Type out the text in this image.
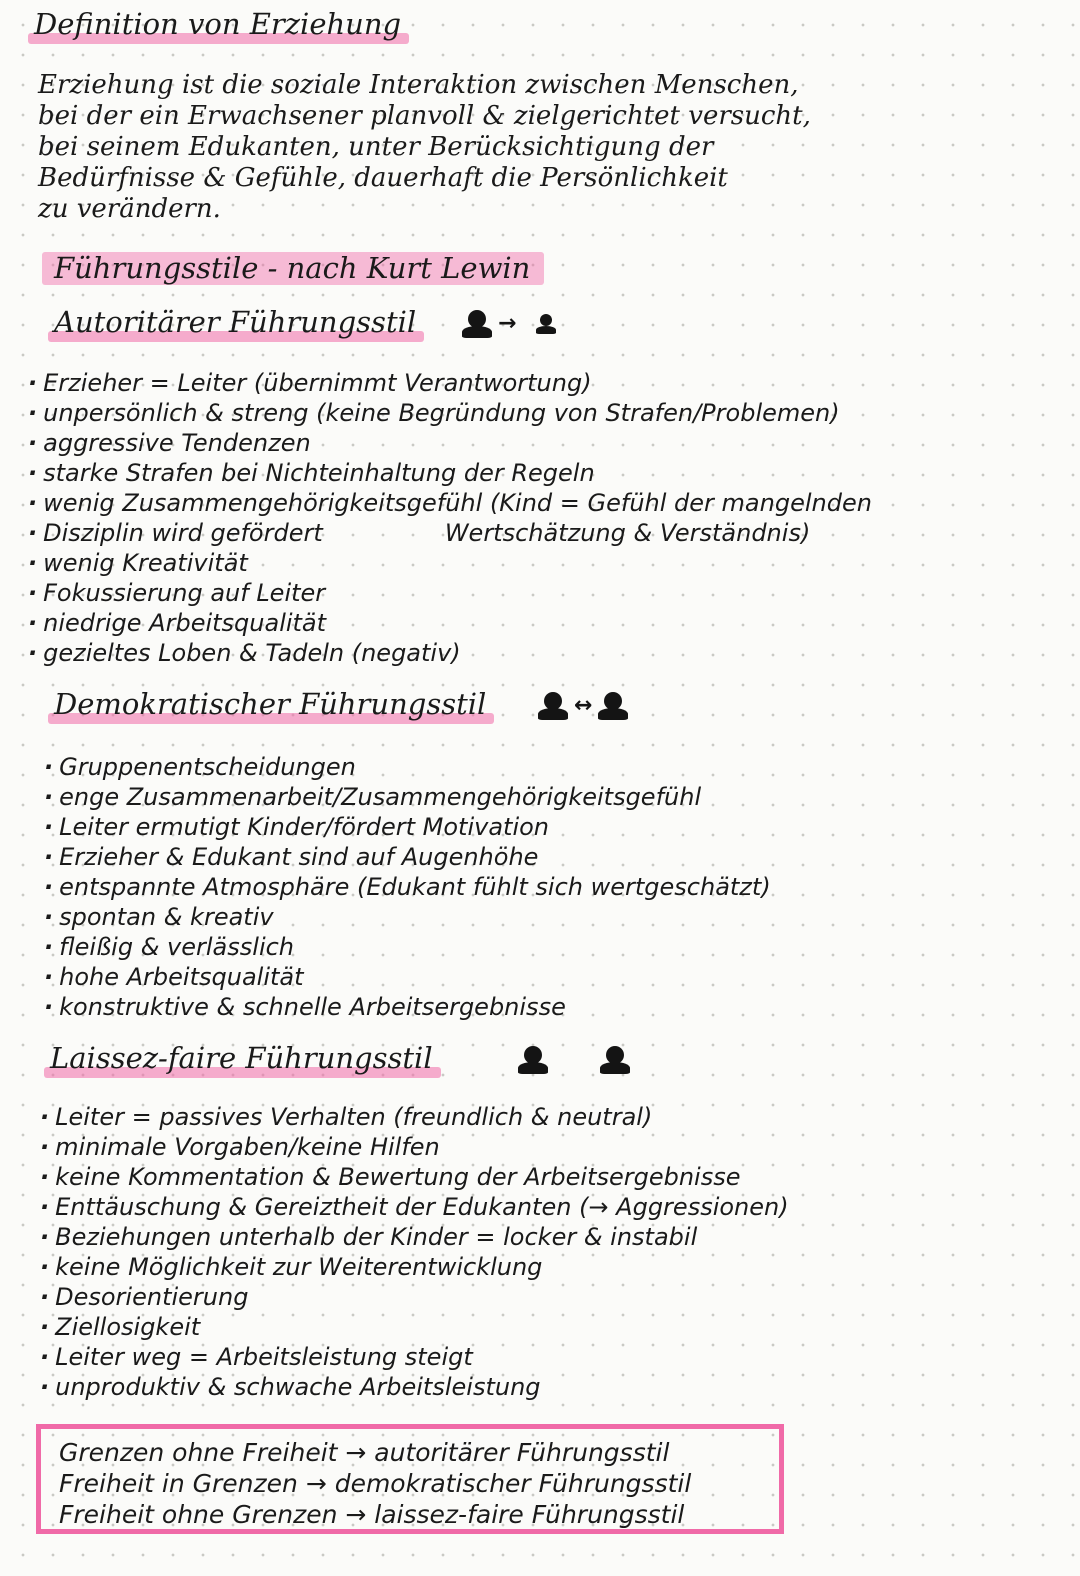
Definition von Erziehung
Erziehung ist die soziale Interaktion zwischen Menschen,
bei der ein Erwachsener planvoll & zielgerichtet versucht,
bei seinem Edukanten, unter Berücksichtigung der
Bedürfnisse & Gefühle, dauerhaft die Persönlichkeit
zu verändern.
Führungsstile - nach Kurt Lewin
Autoritärer Führungsstil	→
· Erzieher = Leiter (übernimmt Verantwortung)
· unpersönlich & streng (keine Begründung von Strafen/Problemen)
· aggressive Tendenzen
· starke Strafen bei Nichteinhaltung der Regeln
· wenig Zusammengehörigkeitsgefühl (Kind = Gefühl der mangelnden
· Disziplin wird gefördert                Wertschätzung & Verständnis)
· wenig Kreativität
· Fokussierung auf Leiter
· niedrige Arbeitsqualität
· gezieltes Loben & Tadeln (negativ)
Demokratischer Führungsstil	↔
· Gruppenentscheidungen
· enge Zusammenarbeit/Zusammengehörigkeitsgefühl
· Leiter ermutigt Kinder/fördert Motivation
· Erzieher & Edukant sind auf Augenhöhe
· entspannte Atmosphäre (Edukant fühlt sich wertgeschätzt)
· spontan & kreativ
· fleißig & verlässlich
· hohe Arbeitsqualität
· konstruktive & schnelle Arbeitsergebnisse
Laissez-faire Führungsstil
· Leiter = passives Verhalten (freundlich & neutral)
· minimale Vorgaben/keine Hilfen
· keine Kommentation & Bewertung der Arbeitsergebnisse
· Enttäuschung & Gereiztheit der Edukanten (→ Aggressionen)
· Beziehungen unterhalb der Kinder = locker & instabil
· keine Möglichkeit zur Weiterentwicklung
· Desorientierung
· Ziellosigkeit
· Leiter weg = Arbeitsleistung steigt
· unproduktiv & schwache Arbeitsleistung
Grenzen ohne Freiheit → autoritärer Führungsstil
Freiheit in Grenzen → demokratischer Führungsstil
Freiheit ohne Grenzen → laissez-faire Führungsstil
